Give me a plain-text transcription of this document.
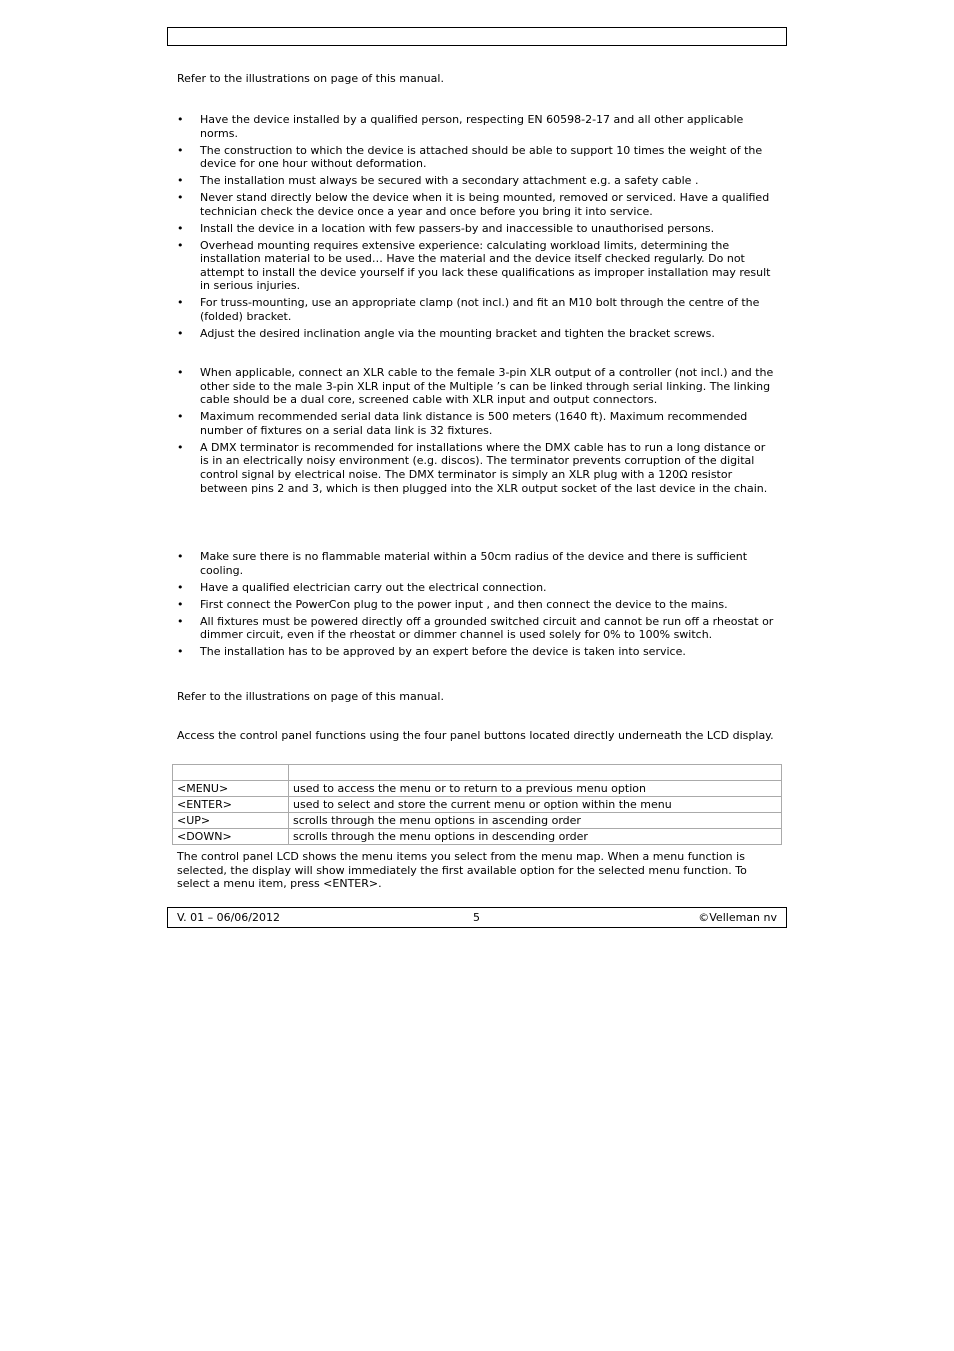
Refer to the illustrations on page of this manual.

• Have the device installed by a qualified person, respecting EN 60598-2-17 and all other applicable norms.
• The construction to which the device is attached should be able to support 10 times the weight of the device for one hour without deformation.
• The installation must always be secured with a secondary attachment e.g. a safety cable .
• Never stand directly below the device when it is being mounted, removed or serviced. Have a qualified technician check the device once a year and once before you bring it into service.
• Install the device in a location with few passers-by and inaccessible to unauthorised persons.
• Overhead mounting requires extensive experience: calculating workload limits, determining the installation material to be used… Have the material and the device itself checked regularly. Do not attempt to install the device yourself if you lack these qualifications as improper installation may result in serious injuries.
• For truss-mounting, use an appropriate clamp (not incl.) and fit an M10 bolt through the centre of the (folded) bracket.
• Adjust the desired inclination angle via the mounting bracket and tighten the bracket screws.
• When applicable, connect an XLR cable to the female 3-pin XLR output of a controller (not incl.) and the other side to the male 3-pin XLR input of the Multiple ’s can be linked through serial linking. The linking cable should be a dual core, screened cable with XLR input and output connectors.
• Maximum recommended serial data link distance is 500 meters (1640 ft). Maximum recommended number of fixtures on a serial data link is 32 fixtures.
• A DMX terminator is recommended for installations where the DMX cable has to run a long distance or is in an electrically noisy environment (e.g. discos). The terminator prevents corruption of the digital control signal by electrical noise. The DMX terminator is simply an XLR plug with a 120Ω resistor between pins 2 and 3, which is then plugged into the XLR output socket of the last device in the chain.
• Make sure there is no flammable material within a 50cm radius of the device and there is sufficient cooling.
• Have a qualified electrician carry out the electrical connection.
• First connect the PowerCon plug to the power input , and then connect the device to the mains.
• All fixtures must be powered directly off a grounded switched circuit and cannot be run off a rheostat or dimmer circuit, even if the rheostat or dimmer channel is used solely for 0% to 100% switch.
• The installation has to be approved by an expert before the device is taken into service.

Refer to the illustrations on page of this manual.

Access the control panel functions using the four panel buttons located directly underneath the LCD display.

<MENU>	used to access the menu or to return to a previous menu option
<ENTER>	used to select and store the current menu or option within the menu
<UP>	scrolls through the menu options in ascending order
<DOWN>	scrolls through the menu options in descending order

The control panel LCD shows the menu items you select from the menu map. When a menu function is selected, the display will show immediately the first available option for the selected menu function. To select a menu item, press <ENTER>.

V. 01 – 06/06/2012	5	©Velleman nv
